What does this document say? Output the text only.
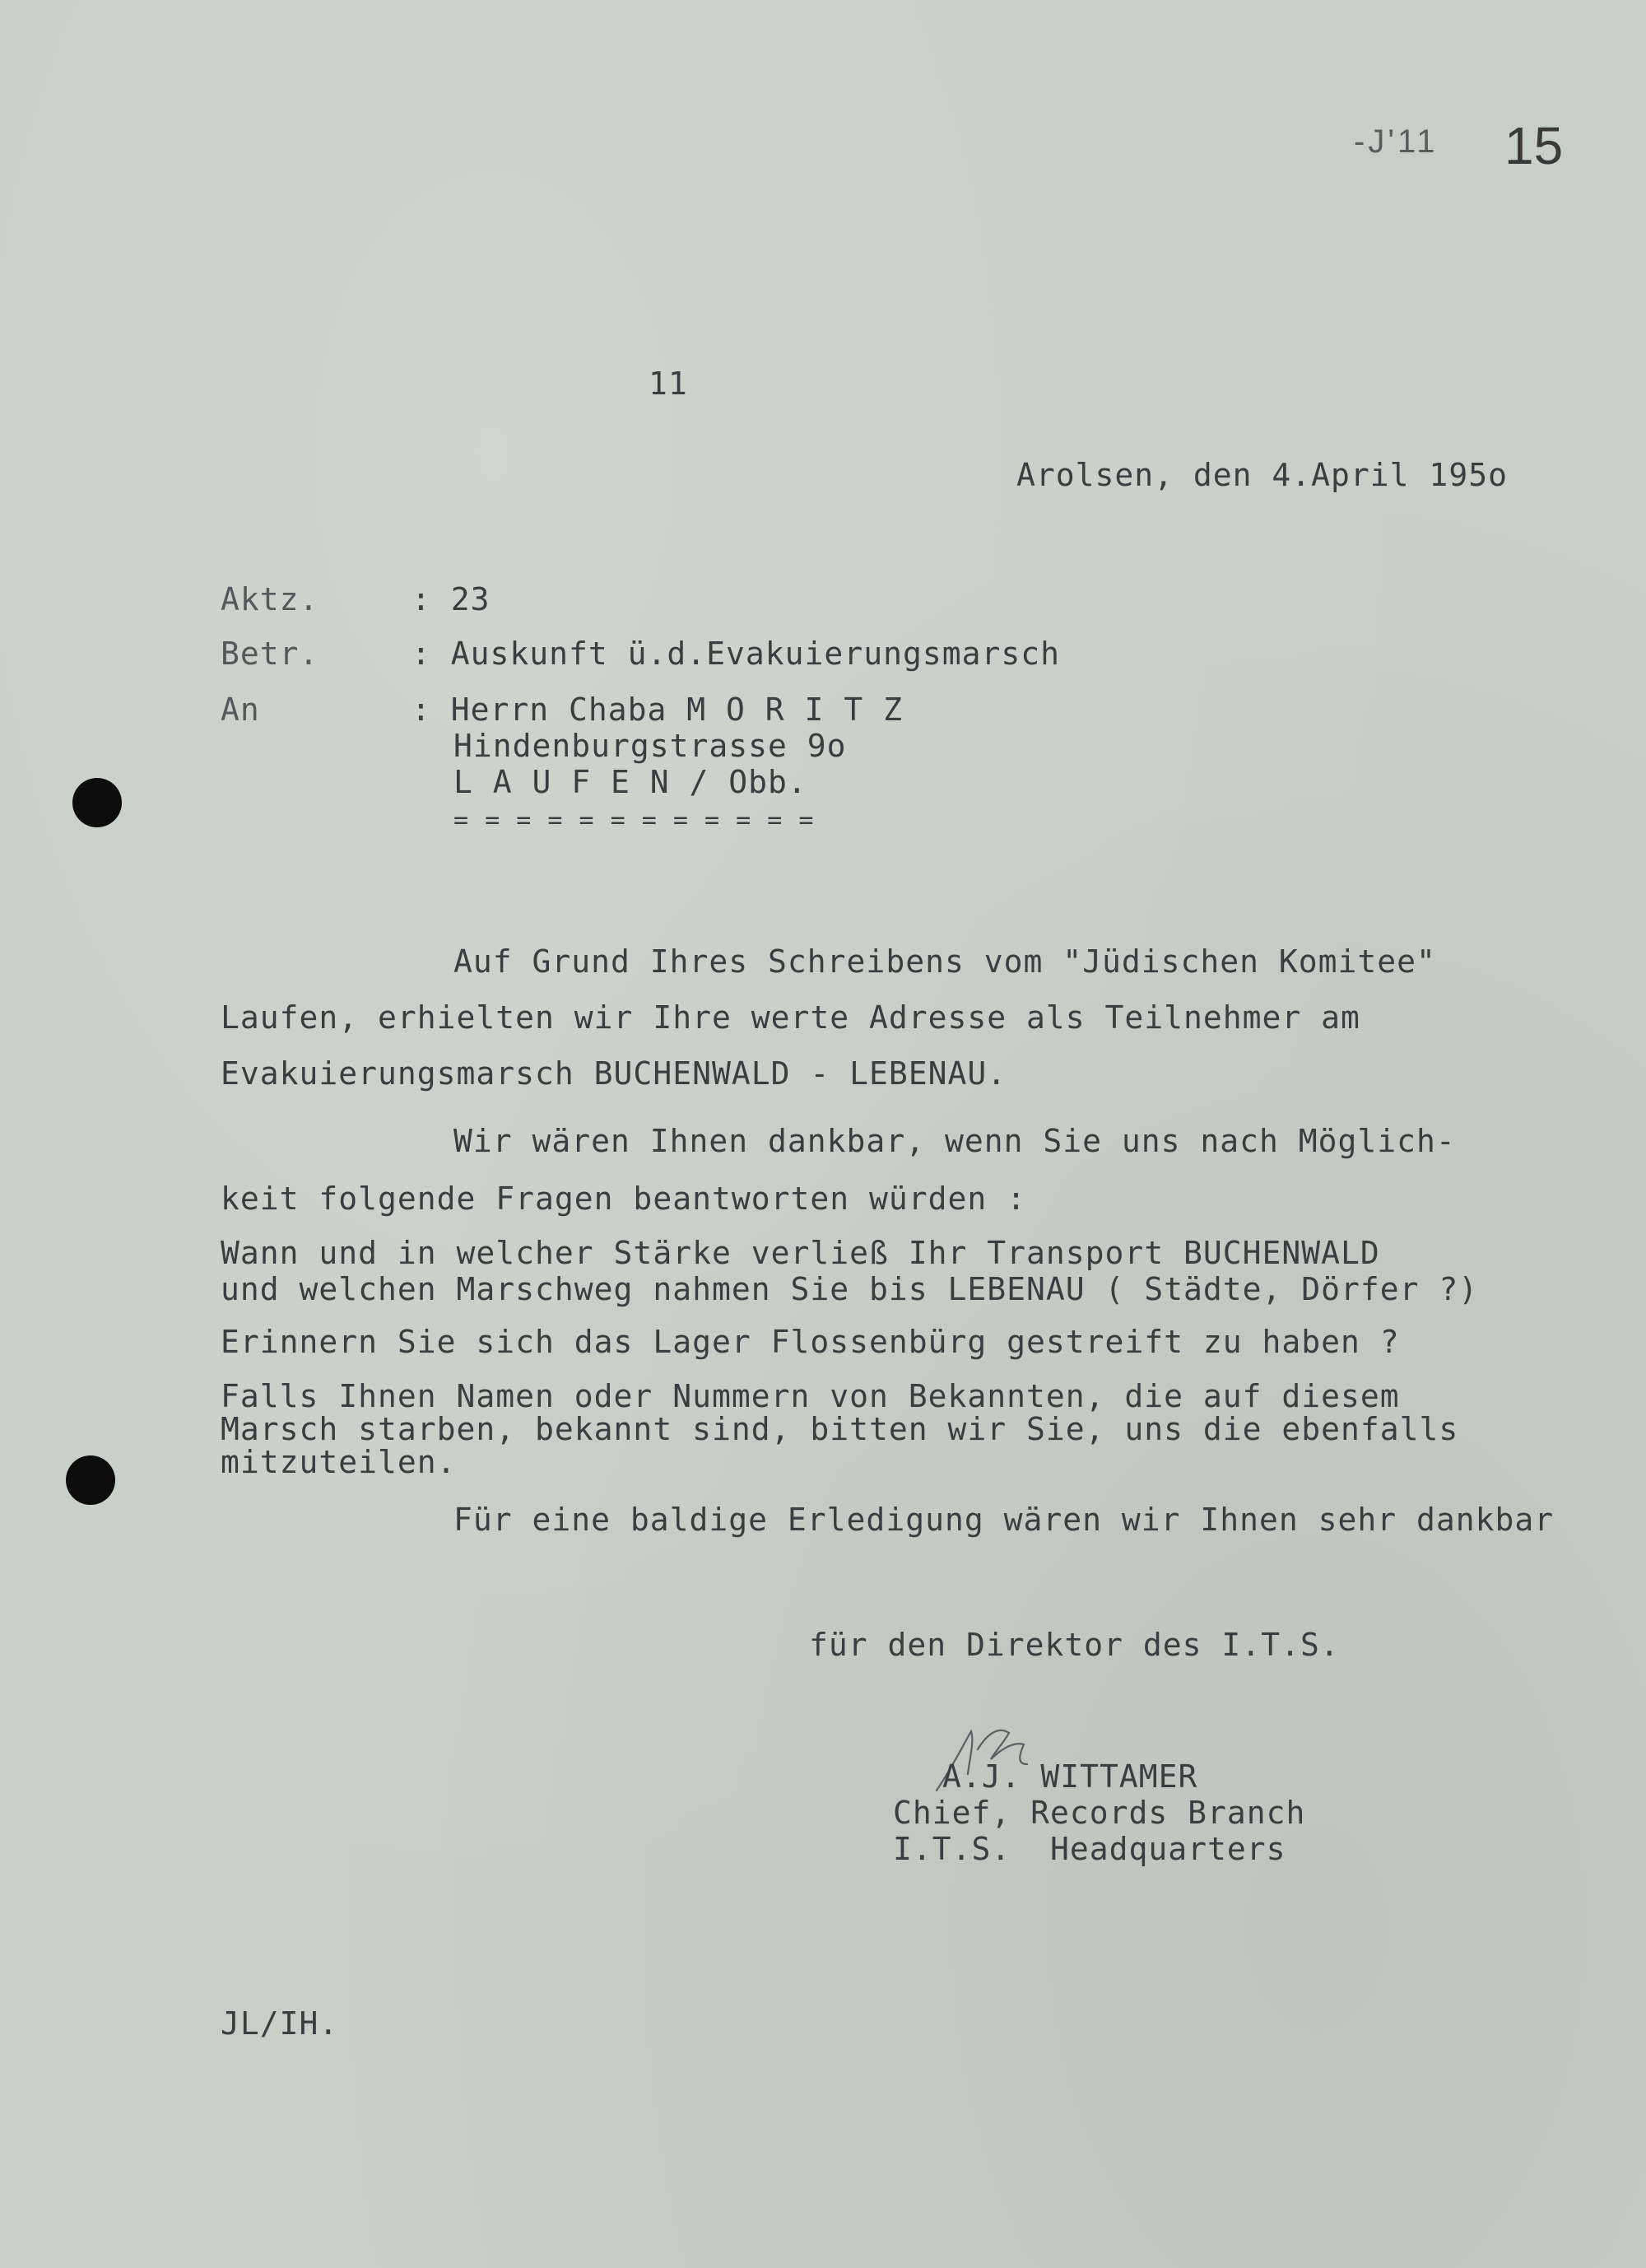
-J'11 15
11
Arolsen, den 4.April 195o
Aktz.	: 23
Betr.	: Auskunft ü.d.Evakuierungsmarsch
An	: Herrn Chaba M O R I T Z
Hindenburgstrasse 9o
L A U F E N / Obb.
= = = = = = = = = = = =
Auf Grund Ihres Schreibens vom "Jüdischen Komitee"
Laufen, erhielten wir Ihre werte Adresse als Teilnehmer am
Evakuierungsmarsch BUCHENWALD - LEBENAU.
Wir wären Ihnen dankbar, wenn Sie uns nach Möglich-
keit folgende Fragen beantworten würden :
Wann und in welcher Stärke verließ Ihr Transport BUCHENWALD
und welchen Marschweg nahmen Sie bis LEBENAU ( Städte, Dörfer ?)
Erinnern Sie sich das Lager Flossenbürg gestreift zu haben ?
Falls Ihnen Namen oder Nummern von Bekannten, die auf diesem
Marsch starben, bekannt sind, bitten wir Sie, uns die ebenfalls
mitzuteilen.
Für eine baldige Erledigung wären wir Ihnen sehr dankbar
für den Direktor des I.T.S.
A.J. WITTAMER
Chief, Records Branch
I.T.S.  Headquarters
JL/IH.
